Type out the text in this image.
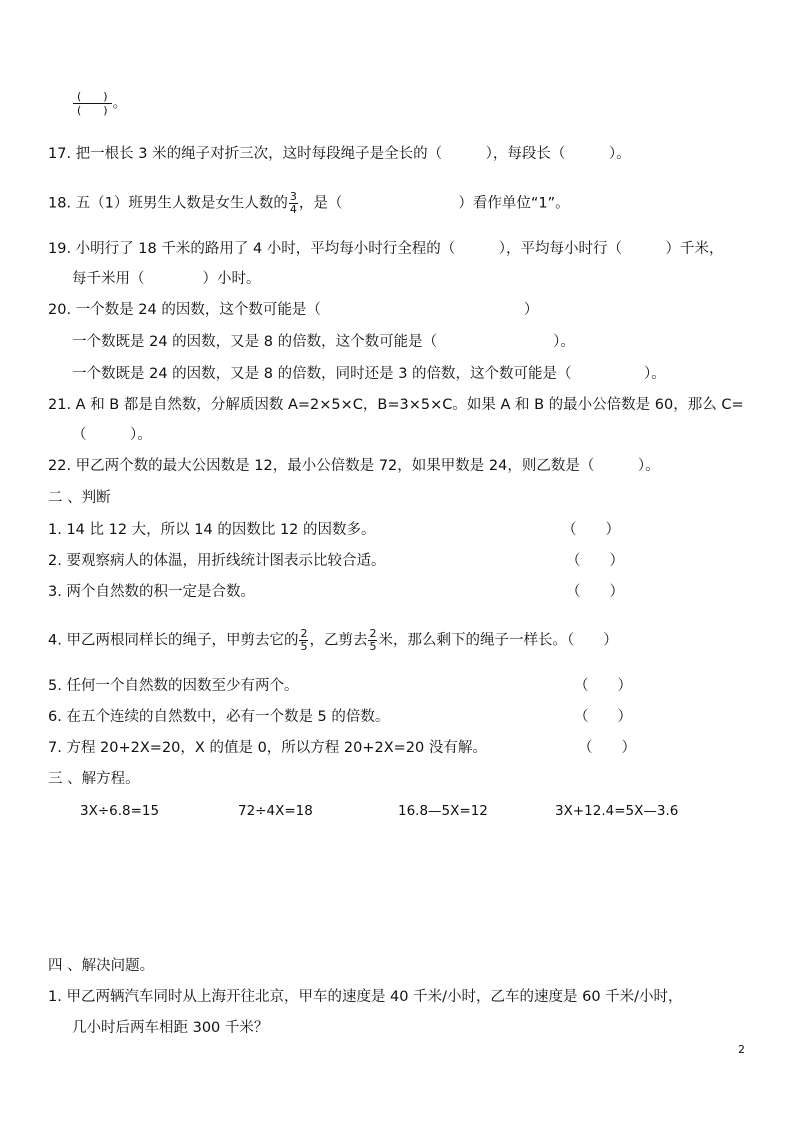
$\frac{( )}{( )}$ 。
17. 把一根长 3 米的绳子对折三次，这时每段绳子是全长的（　　　），每段长（　　　）。
18. 五（1）班男生人数是女生人数的 $\frac{3}{4}$ ，是（　　　　　　　　）看作单位“1”。
19. 小明行了 18 千米的路用了 4 小时，平均每小时行全程的（　　　），平均每小时行（　　　）千米，
每千米用（　　　　）小时。
20. 一个数是 24 的因数，这个数可能是（　　　　　　　　　　　　　　）
一个数既是 24 的因数，又是 8 的倍数，这个数可能是（　　　　　　　　）。
一个数既是 24 的因数，又是 8 的倍数，同时还是 3 的倍数，这个数可能是（　　　　　）。
21. A 和 B 都是自然数，分解质因数 A=2×5×C，B=3×5×C。如果 A 和 B 的最小公倍数是 60，那么 C=
（　　　）。
22. 甲乙两个数的最大公因数是 12，最小公倍数是 72，如果甲数是 24，则乙数是（　　　）。
二 、判断
1. 14 比 12 大，所以 14 的因数比 12 的因数多。	（　　）
2. 要观察病人的体温，用折线统计图表示比较合适。	（　　）
3. 两个自然数的积一定是合数。	（　　）
4. 甲乙两根同样长的绳子，甲剪去它的 $\frac{2}{5}$ ，乙剪去 $\frac{2}{5}$ 米，那么剩下的绳子一样长。（　　）
5. 任何一个自然数的因数至少有两个。	（　　）
6. 在五个连续的自然数中，必有一个数是 5 的倍数。	（　　）
7. 方程 20+2X=20，X 的值是 0，所以方程 20+2X=20 没有解。	（　　）
三 、解方程。
3X÷6.8=15	72÷4X=18	16.8—5X=12	3X+12.4=5X—3.6
四 、解决问题。
1. 甲乙两辆汽车同时从上海开往北京，甲车的速度是 40 千米/小时，乙车的速度是 60 千米/小时，
几小时后两车相距 300 千米？
2
